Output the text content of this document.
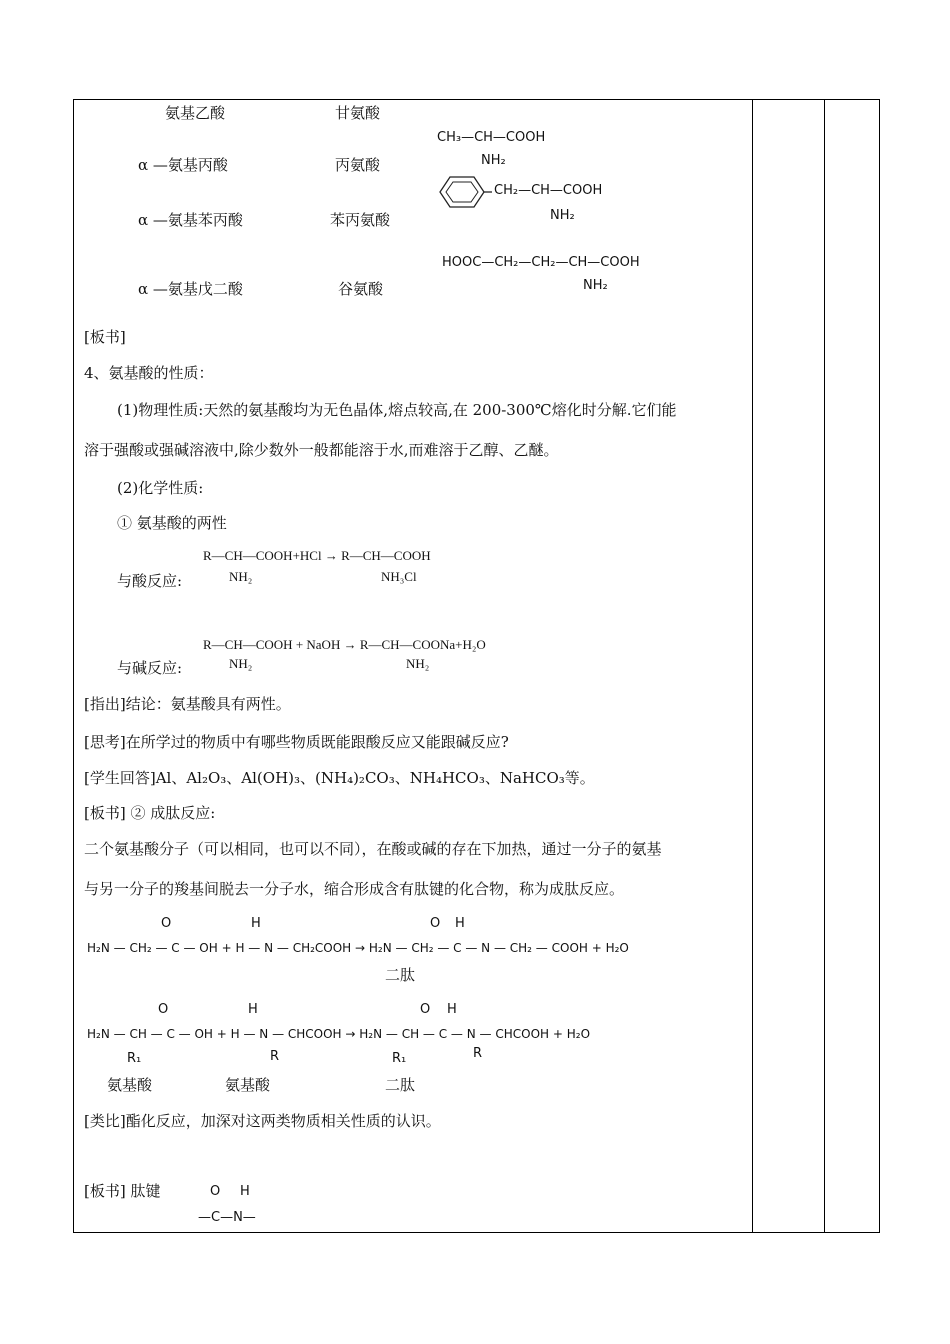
氨基乙酸	甘氨酸
α —氨基丙酸	丙氨酸
α —氨基苯丙酸	苯丙氨酸
α —氨基戊二酸	谷氨酸
CH₃—CH—COOH
NH₂
CH₂—CH—COOH
NH₂
HOOC—CH₂—CH₂—CH—COOH
NH₂
[板书]
4、氨基酸的性质：
(1)物理性质:天然的氨基酸均为无色晶体,熔点较高,在 200-300℃熔化时分解.它们能
溶于强酸或强碱溶液中,除少数外一般都能溶于水,而难溶于乙醇、乙醚。
(2)化学性质:
① 氨基酸的两性
R—CH—COOH+HCl → R—CH—COOH
NH₂	NH₃Cl
与酸反应:
R—CH—COOH + NaOH → R—CH—COONa+H₂O
NH₂	NH₂
与碱反应:
[指出]结论：氨基酸具有两性。
[思考]在所学过的物质中有哪些物质既能跟酸反应又能跟碱反应?
[学生回答]Al、Al₂O₃、Al(OH)₃、(NH₄)₂CO₃、NH₄HCO₃、NaHCO₃等。
[板书] ② 成肽反应:
二个氨基酸分子（可以相同，也可以不同），在酸或碱的存在下加热，通过一分子的氨基
与另一分子的羧基间脱去一分子水，缩合形成含有肽键的化合物，称为成肽反应。
O	H	O H
H₂N — CH₂ — C — OH + H — N — CH₂COOH → H₂N — CH₂ — C — N — CH₂ — COOH + H₂O
二肽
O	H	O H
H₂N — CH — C — OH + H — N — CHCOOH → H₂N — CH — C — N — CHCOOH + H₂O
R₁	R	R₁	R
氨基酸	氨基酸	二肽
[类比]酯化反应，加深对这两类物质相关性质的认识。
[板书] 肽键	O H
—C—N—
